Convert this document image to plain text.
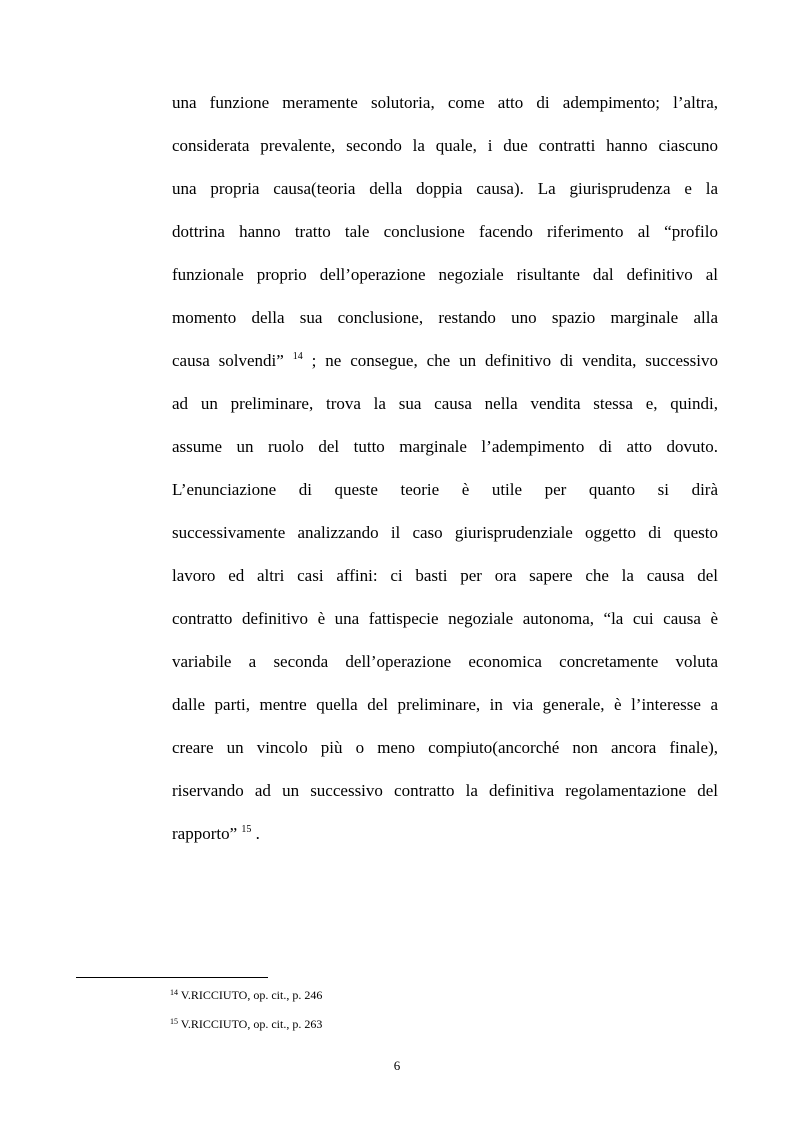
una funzione meramente solutoria, come atto di adempimento; l’altra,
considerata prevalente, secondo la quale, i due contratti hanno ciascuno
una propria causa(teoria della doppia causa). La giurisprudenza e la
dottrina hanno tratto tale conclusione facendo riferimento al “profilo
funzionale proprio dell’operazione negoziale risultante dal definitivo al
momento della sua conclusione, restando uno spazio marginale alla
causa solvendi” $^{14}$ ; ne consegue, che un definitivo di vendita, successivo
ad un preliminare, trova la sua causa nella vendita stessa e, quindi,
assume un ruolo del tutto marginale l’adempimento di atto dovuto.
L’enunciazione di queste teorie è utile per quanto si dirà
successivamente analizzando il caso giurisprudenziale oggetto di questo
lavoro ed altri casi affini: ci basti per ora sapere che la causa del
contratto definitivo è una fattispecie negoziale autonoma, “la cui causa è
variabile a seconda dell’operazione economica concretamente voluta
dalle parti, mentre quella del preliminare, in via generale, è l’interesse a
creare un vincolo più o meno compiuto(ancorché non ancora finale),
riservando ad un successivo contratto la definitiva regolamentazione del
rapporto” $^{15}$ .
$^{14}$ V.RICCIUTO, op. cit., p. 246
$^{15}$ V.RICCIUTO, op. cit., p. 263
6
